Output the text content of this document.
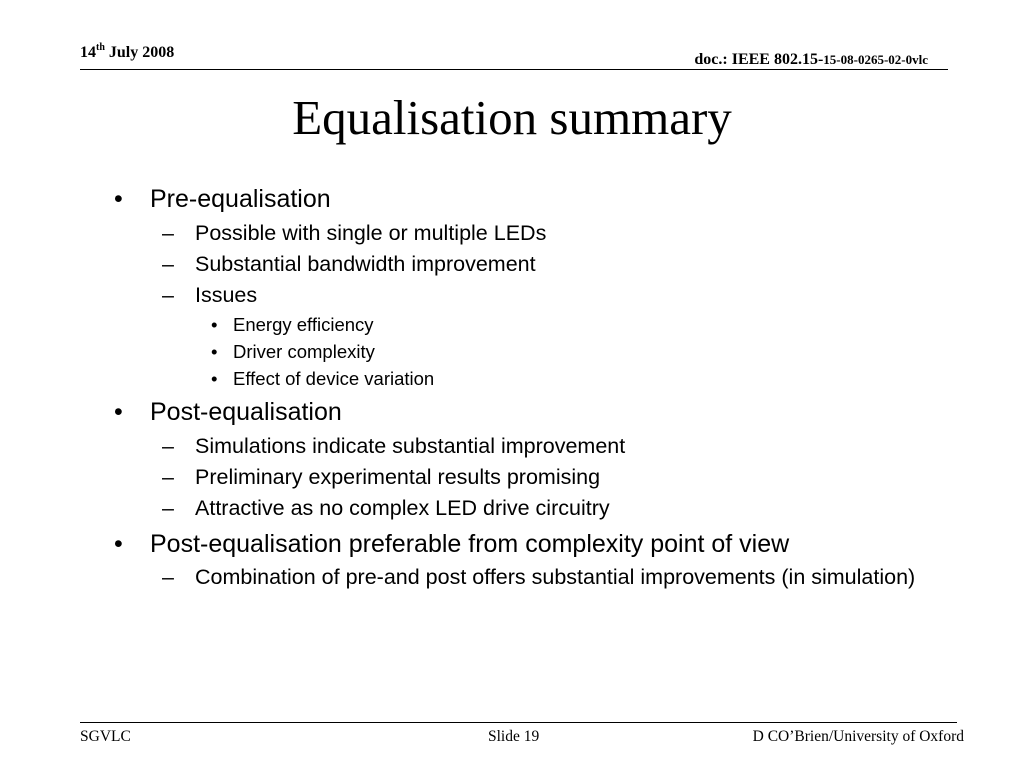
14th July 2008	doc.: IEEE 802.15-15-08-0265-02-0vlc
Equalisation summary
• Pre-equalisation
– Possible with single or multiple LEDs
– Substantial bandwidth improvement
– Issues
• Energy efficiency
• Driver complexity
• Effect of device variation
• Post-equalisation
– Simulations indicate substantial improvement
– Preliminary experimental results promising
– Attractive as no complex LED drive circuitry
• Post-equalisation preferable from complexity point of view
– Combination of pre-and post offers substantial improvements (in simulation)
SGVLC	Slide 19	D CO’Brien/University of Oxford
